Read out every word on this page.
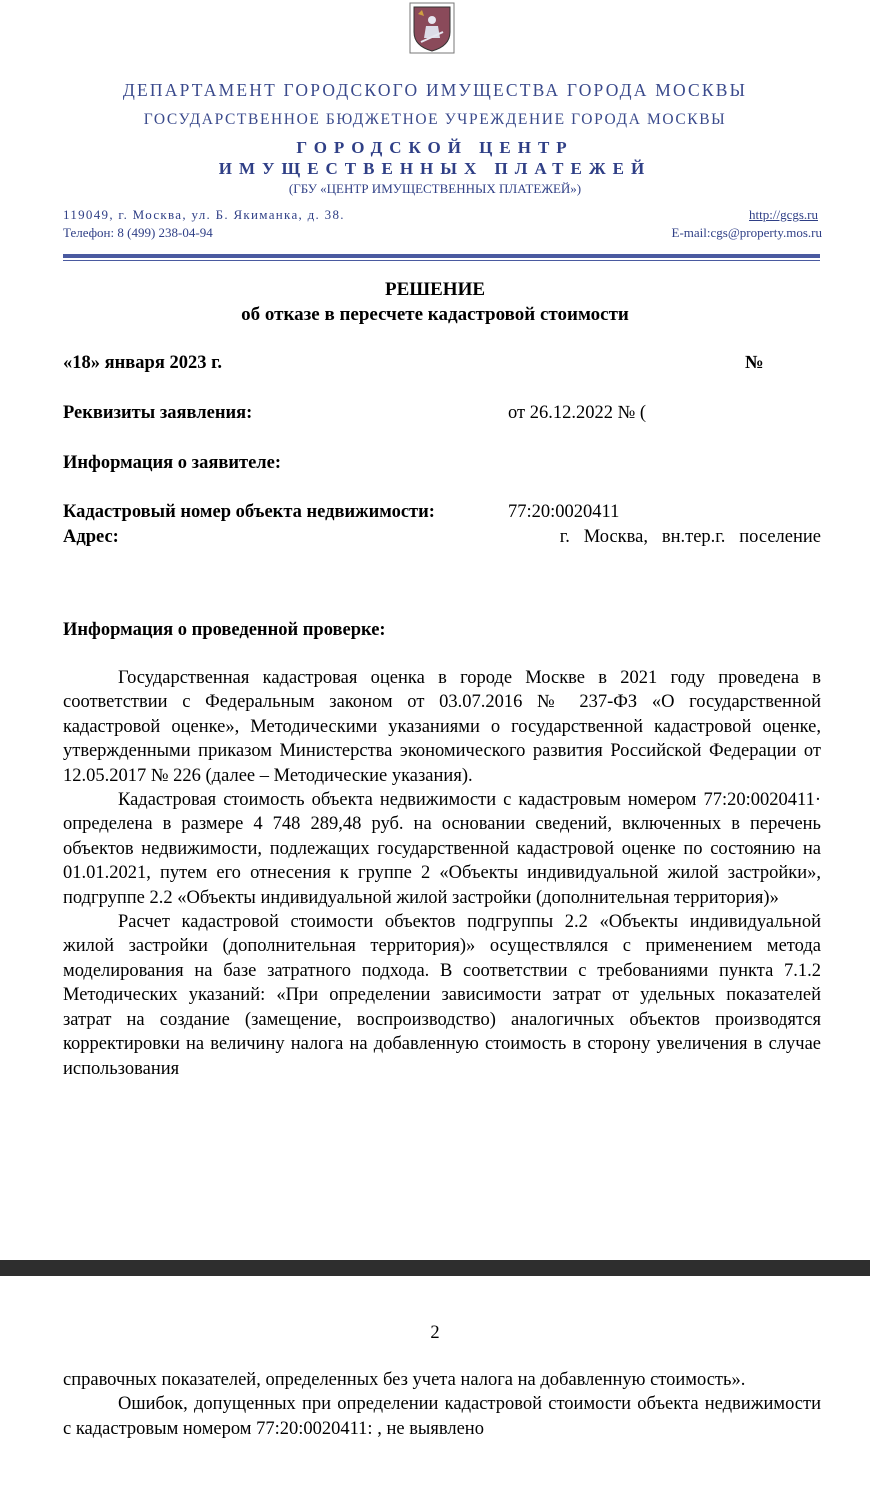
ДЕПАРТАМЕНТ ГОРОДСКОГО ИМУЩЕСТВА ГОРОДА МОСКВЫ
ГОСУДАРСТВЕННОЕ БЮДЖЕТНОЕ УЧРЕЖДЕНИЕ ГОРОДА МОСКВЫ
ГОРОДСКОЙ ЦЕНТР
ИМУЩЕСТВЕННЫХ ПЛАТЕЖЕЙ
(ГБУ «ЦЕНТР ИМУЩЕСТВЕННЫХ ПЛАТЕЖЕЙ»)
119049, г. Москва, ул. Б. Якиманка, д. 38.
Телефон: 8 (499) 238-04-94
http://gcgs.ru
E-mail:cgs@property.mos.ru
РЕШЕНИЕ
об отказе в пересчете кадастровой стоимости
«18» января 2023 г.	№
Реквизиты заявления:	от 26.12.2022 № (
Информация о заявителе:
Кадастровый номер объекта недвижимости:	77:20:0020411
Адрес:	г.   Москва,   вн.тер.г.   поселение
Информация о проведенной проверке:

Государственная кадастровая оценка в городе Москве в 2021 году проведена в соответствии с Федеральным законом от 03.07.2016 № 237-ФЗ «О государственной кадастровой оценке», Методическими указаниями о государственной кадастровой оценке, утвержденными приказом Министерства экономического развития Российской Федерации от 12.05.2017 № 226 (далее – Методические указания).

Кадастровая стоимость объекта недвижимости с кадастровым номером 77:20:0020411· определена в размере 4 748 289,48 руб. на основании сведений, включенных в перечень объектов недвижимости, подлежащих государственной кадастровой оценке по состоянию на 01.01.2021, путем его отнесения к группе 2 «Объекты индивидуальной жилой застройки», подгруппе 2.2 «Объекты индивидуальной жилой застройки (дополнительная территория)»

Расчет кадастровой стоимости объектов подгруппы 2.2 «Объекты индивидуальной жилой застройки (дополнительная территория)» осуществлялся с применением метода моделирования на базе затратного подхода. В соответствии с требованиями пункта 7.1.2 Методических указаний: «При определении зависимости затрат от удельных показателей затрат на создание (замещение, воспроизводство) аналогичных объектов производятся корректировки на величину налога на добавленную стоимость в сторону увеличения в случае использования

2

справочных показателей, определенных без учета налога на добавленную стоимость».

Ошибок, допущенных при определении кадастровой стоимости объекта недвижимости с кадастровым номером 77:20:0020411: , не выявлено
